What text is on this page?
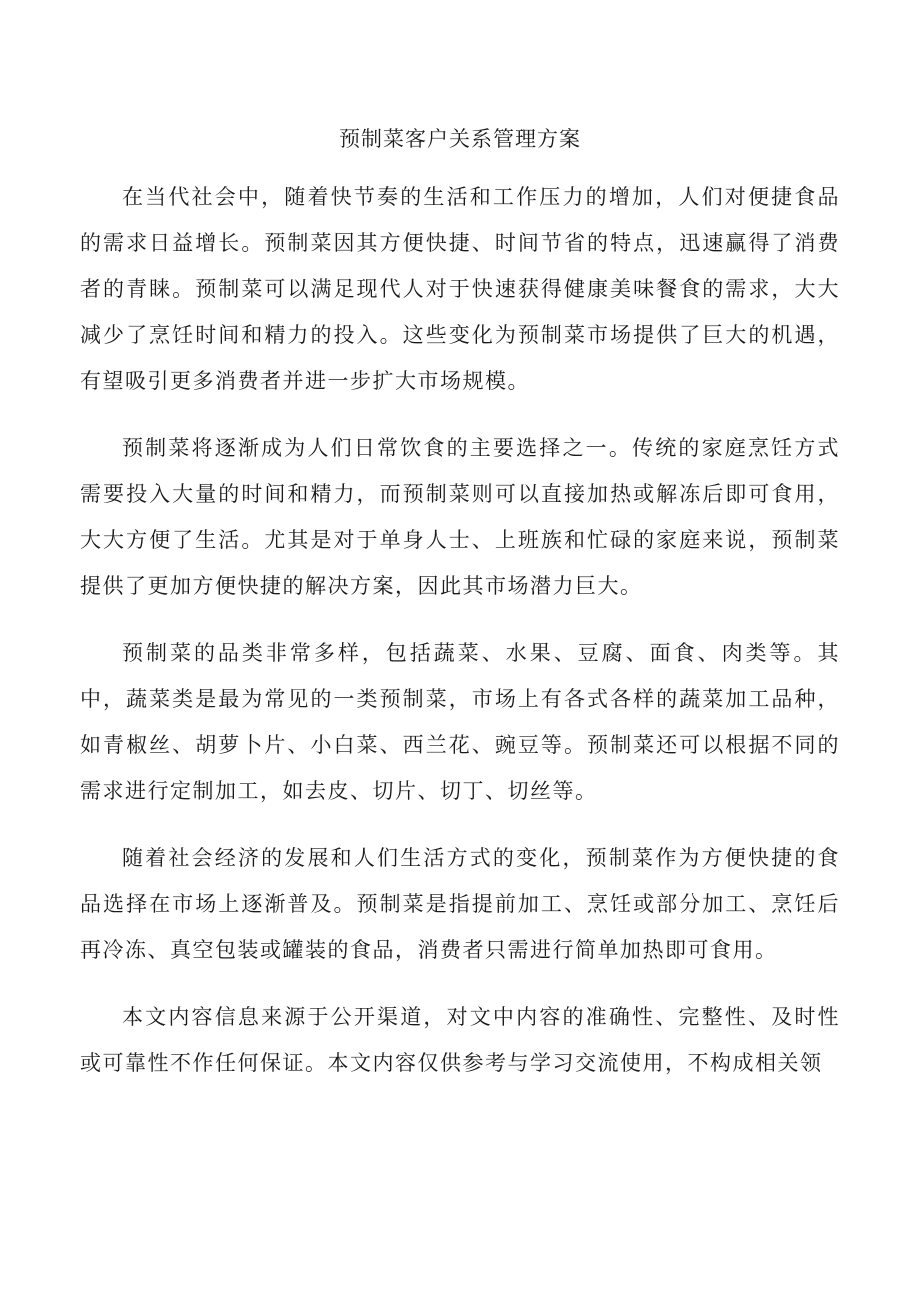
预制菜客户关系管理方案

在当代社会中，随着快节奏的生活和工作压力的增加，人们对便捷食品的需求日益增长。预制菜因其方便快捷、时间节省的特点，迅速赢得了消费者的青睐。预制菜可以满足现代人对于快速获得健康美味餐食的需求，大大减少了烹饪时间和精力的投入。这些变化为预制菜市场提供了巨大的机遇，有望吸引更多消费者并进一步扩大市场规模。

预制菜将逐渐成为人们日常饮食的主要选择之一。传统的家庭烹饪方式需要投入大量的时间和精力，而预制菜则可以直接加热或解冻后即可食用，大大方便了生活。尤其是对于单身人士、上班族和忙碌的家庭来说，预制菜提供了更加方便快捷的解决方案，因此其市场潜力巨大。

预制菜的品类非常多样，包括蔬菜、水果、豆腐、面食、肉类等。其中，蔬菜类是最为常见的一类预制菜，市场上有各式各样的蔬菜加工品种，如青椒丝、胡萝卜片、小白菜、西兰花、豌豆等。预制菜还可以根据不同的需求进行定制加工，如去皮、切片、切丁、切丝等。

随着社会经济的发展和人们生活方式的变化，预制菜作为方便快捷的食品选择在市场上逐渐普及。预制菜是指提前加工、烹饪或部分加工、烹饪后再冷冻、真空包装或罐装的食品，消费者只需进行简单加热即可食用。

本文内容信息来源于公开渠道，对文中内容的准确性、完整性、及时性或可靠性不作任何保证。本文内容仅供参考与学习交流使用，不构成相关领
